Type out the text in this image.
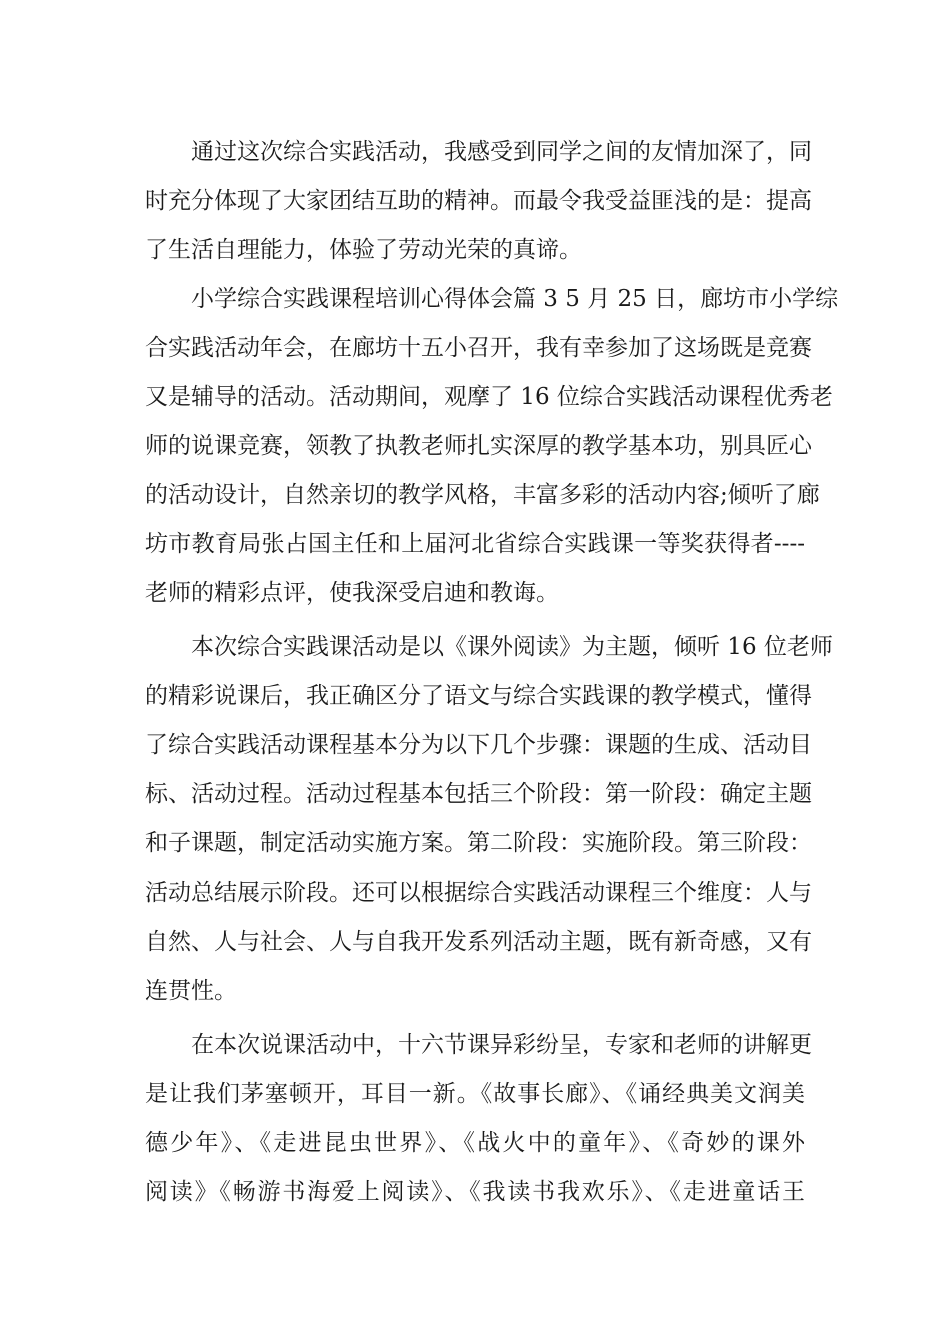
通过这次综合实践活动，我感受到同学之间的友情加深了，同
时充分体现了大家团结互助的精神。而最令我受益匪浅的是：提高
了生活自理能力，体验了劳动光荣的真谛。
小学综合实践课程培训心得体会篇 3 5 月 25 日，廊坊市小学综
合实践活动年会，在廊坊十五小召开，我有幸参加了这场既是竞赛
又是辅导的活动。活动期间，观摩了 16 位综合实践活动课程优秀老
师的说课竞赛，领教了执教老师扎实深厚的教学基本功，别具匠心
的活动设计，自然亲切的教学风格，丰富多彩的活动内容;倾听了廊
坊市教育局张占国主任和上届河北省综合实践课一等奖获得者----
老师的精彩点评，使我深受启迪和教诲。
本次综合实践课活动是以《课外阅读》为主题，倾听 16 位老师
的精彩说课后，我正确区分了语文与综合实践课的教学模式，懂得
了综合实践活动课程基本分为以下几个步骤：课题的生成、活动目
标、活动过程。活动过程基本包括三个阶段：第一阶段：确定主题
和子课题，制定活动实施方案。第二阶段：实施阶段。第三阶段：
活动总结展示阶段。还可以根据综合实践活动课程三个维度：人与
自然、人与社会、人与自我开发系列活动主题，既有新奇感，又有
连贯性。
在本次说课活动中，十六节课异彩纷呈，专家和老师的讲解更
是让我们茅塞顿开，耳目一新。《故事长廊》、《诵经典美文润美
德少年》、《走进昆虫世界》、《战火中的童年》、《奇妙的课外
阅读》《畅游书海爱上阅读》、《我读书我欢乐》、《走进童话王
